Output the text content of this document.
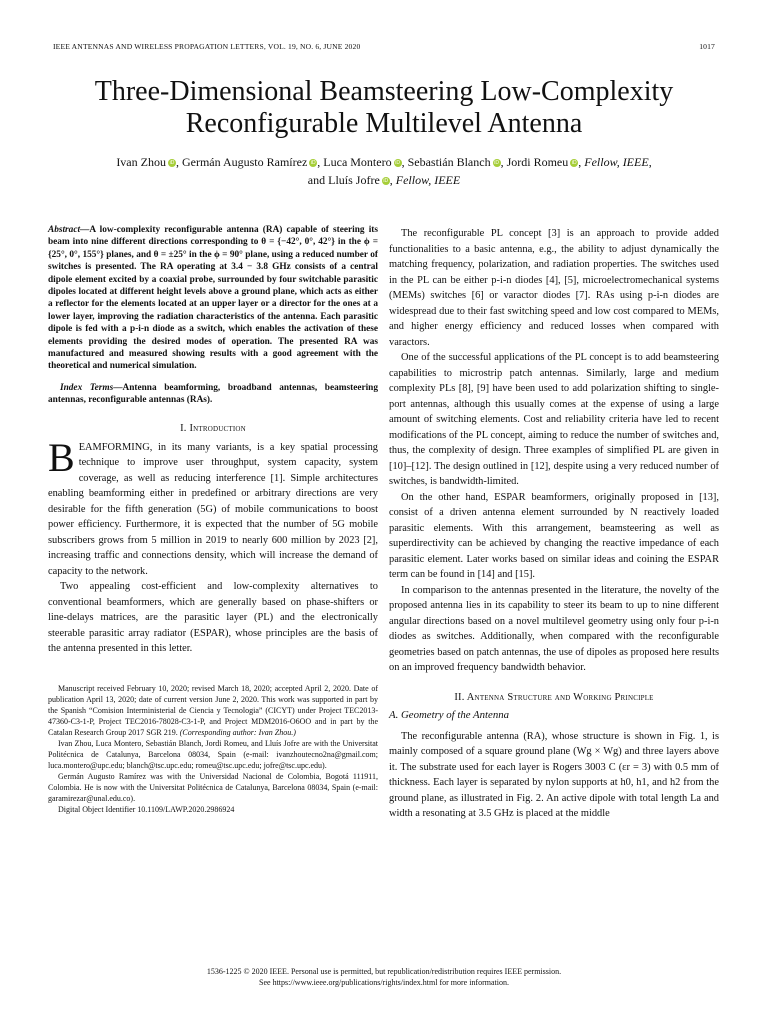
IEEE ANTENNAS AND WIRELESS PROPAGATION LETTERS, VOL. 19, NO. 6, JUNE 2020	1017
Three-Dimensional Beamsteering Low-Complexity
Reconfigurable Multilevel Antenna
Ivan Zhou iD , Germán Augusto Ramírez iD , Luca Montero iD , Sebastián Blanch iD , Jordi Romeu iD , Fellow, IEEE,
and Lluís Jofre iD , Fellow, IEEE

Abstract—A low-complexity reconfigurable antenna (RA) capable of steering its beam into nine different directions corresponding to θ = {−42°, 0°, 42°} in the ϕ = {25°, 0°, 155°} planes, and θ = ±25° in the ϕ = 90° plane, using a reduced number of switches is presented. The RA operating at 3.4 − 3.8 GHz consists of a central dipole element excited by a coaxial probe, surrounded by four switchable parasitic dipoles located at different height levels above a ground plane, which acts as either a reflector for the elements located at an upper layer or a director for the ones at a lower layer, improving the radiation characteristics of the antenna. Each parasitic dipole is fed with a p-i-n diode as a switch, which enables the activation of these elements providing the desired modes of operation. The presented RA was manufactured and measured showing results with a good agreement with the theoretical and numerical simulation.

Index Terms—Antenna beamforming, broadband antennas, beamsteering antennas, reconfigurable antennas (RAs).

I. Introduction

BEAMFORMING, in its many variants, is a key spatial processing technique to improve user throughput, system capacity, system coverage, as well as reducing interference [1]. Simple architectures enabling beamforming either in predefined or arbitrary directions are very desirable for the fifth generation (5G) of mobile communications to boost power efficiency. Furthermore, it is expected that the number of 5G mobile subscribers grows from 5 million in 2019 to nearly 600 million by 2023 [2], increasing traffic and connections density, which will increase the demand of capacity to the network.

Two appealing cost-efficient and low-complexity alternatives to conventional beamformers, which are generally based on phase-shifters or line-delays matrices, are the parasitic layer (PL) and the electronically steerable parasitic array radiator (ESPAR), whose principles are the basis of the antenna presented in this letter.

Manuscript received February 10, 2020; revised March 18, 2020; accepted April 2, 2020. Date of publication April 13, 2020; date of current version June 2, 2020. This work was supported in part by the Spanish “Comision Interministerial de Ciencia y Tecnologia” (CICYT) under Project TEC2013-47360-C3-1-P, Project TEC2016-78028-C3-1-P, and Project MDM2016-O6OO and in part by the Catalan Research Group 2017 SGR 219. (Corresponding author: Ivan Zhou.)

Ivan Zhou, Luca Montero, Sebastián Blanch, Jordi Romeu, and Lluís Jofre are with the Universitat Politécnica de Catalunya, Barcelona 08034, Spain (e-mail: ivanzhoutecno2na@gmail.com; luca.montero@upc.edu; blanch@tsc.upc.edu; romeu@tsc.upc.edu; jofre@tsc.upc.edu).

Germán Augusto Ramírez was with the Universidad Nacional de Colombia, Bogotá 111911, Colombia. He is now with the Universitat Politécnica de Catalunya, Barcelona 08034, Spain (e-mail: garamirezar@unal.edu.co).

Digital Object Identifier 10.1109/LAWP.2020.2986924

The reconfigurable PL concept [3] is an approach to provide added functionalities to a basic antenna, e.g., the ability to adjust dynamically the matching frequency, polarization, and radiation properties. The switches used in the PL can be either p-i-n diodes [4], [5], microelectromechanical systems (MEMs) switches [6] or varactor diodes [7]. RAs using p-i-n diodes are widespread due to their fast switching speed and low cost compared to MEMs, and higher energy efficiency and reduced losses when compared with varactors.

One of the successful applications of the PL concept is to add beamsteering capabilities to microstrip patch antennas. Similarly, large and medium complexity PLs [8], [9] have been used to add polarization shifting to single-port antennas, although this usually comes at the expense of using a large amount of switching elements. Cost and reliability criteria have led to recent modifications of the PL concept, aiming to reduce the number of switches and, thus, the complexity of design. Three examples of simplified PL are given in [10]–[12]. The design outlined in [12], despite using a very reduced number of switches, is bandwidth-limited.

On the other hand, ESPAR beamformers, originally proposed in [13], consist of a driven antenna element surrounded by N reactively loaded parasitic elements. With this arrangement, beamsteering as well as superdirectivity can be achieved by changing the reactive impedance of each parasitic element. Later works based on similar ideas and coining the ESPAR term can be found in [14] and [15].

In comparison to the antennas presented in the literature, the novelty of the proposed antenna lies in its capability to steer its beam to up to nine different angular directions based on a novel multilevel geometry using only four p-i-n diodes as switches. Additionally, when compared with the reconfigurable geometries based on patch antennas, the use of dipoles as proposed here results on an improved frequency bandwidth behavior.

II. Antenna Structure and Working Principle
A. Geometry of the Antenna

The reconfigurable antenna (RA), whose structure is shown in Fig. 1, is mainly composed of a square ground plane (Wg × Wg) and three layers above it. The substrate used for each layer is Rogers 3003 C (εr = 3) with 0.5 mm of thickness. Each layer is separated by nylon supports at h0, h1, and h2 from the ground plane, as illustrated in Fig. 2. An active dipole with total length La and width a resonating at 3.5 GHz is placed at the middle

1536-1225 © 2020 IEEE. Personal use is permitted, but republication/redistribution requires IEEE permission.
See https://www.ieee.org/publications/rights/index.html for more information.
